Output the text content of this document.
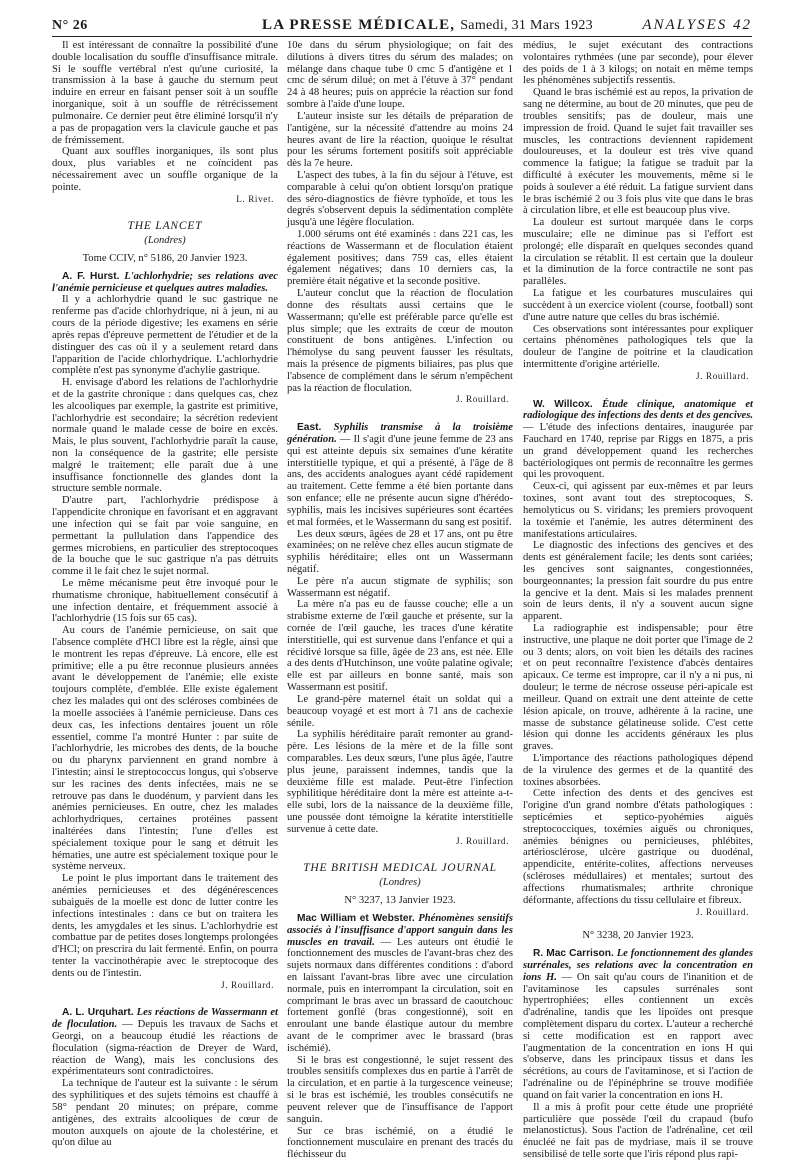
N° 26	LA PRESSE MÉDICALE, Samedi, 31 Mars 1923	ANALYSES 42

Il est intéressant de connaître la possibilité d'une double localisation du souffle d'insuffisance mitrale. Si le souffle vertébral n'est qu'une curiosité, la transmission à la base à gauche du sternum peut induire en erreur en faisant penser soit à un souffle inorganique, soit à un souffle de rétrécissement pulmonaire. Ce dernier peut être éliminé lorsqu'il n'y a pas de propagation vers la clavicule gauche et pas de frémissement.

Quant aux souffles inorganiques, ils sont plus doux, plus variables et ne coïncident pas nécessairement avec un souffle organique de la pointe.

L. Rivet.
THE LANCET
(Londres)
Tome CCIV, n° 5186, 20 Janvier 1923.

A. F. Hurst. L'achlorhydrie; ses relations avec l'anémie pernicieuse et quelques autres maladies.

Il y a achlorhydrie quand le suc gastrique ne renferme pas d'acide chlorhydrique, ni à jeun, ni au cours de la période digestive; les examens en série après repas d'épreuve permettent de l'étudier et de la distinguer des cas où il y a seulement retard dans l'apparition de l'acide chlorhydrique. L'achlorhydrie complète n'est pas synonyme d'achylie gastrique.

H. envisage d'abord les relations de l'achlorhydrie et de la gastrite chronique : dans quelques cas, chez les alcooliques par exemple, la gastrite est primitive, l'achlorhydrie est secondaire; la sécrétion redevient normale quand le malade cesse de boire en excès. Mais, le plus souvent, l'achlorhydrie paraît la cause, non la conséquence de la gastrite; elle persiste malgré le traitement; elle paraît due à une insuffisance fonctionnelle des glandes dont la structure semble normale.

D'autre part, l'achlorhydrie prédispose à l'appendicite chronique en favorisant et en aggravant une infection qui se fait par voie sanguine, en permettant la pullulation dans l'appendice des germes microbiens, en particulier des streptocoques de la bouche que le suc gastrique n'a pas détruits comme il le fait chez le sujet normal.

Le même mécanisme peut être invoqué pour le rhumatisme chronique, habituellement consécutif à une infection dentaire, et fréquemment associé à l'achlorhydrie (15 fois sur 65 cas).

Au cours de l'anémie pernicieuse, on sait que l'absence complète d'HCl libre est la règle, ainsi que le montrent les repas d'épreuve. Là encore, elle est primitive; elle a pu être reconnue plusieurs années avant le développement de l'anémie; elle existe toujours complète, d'emblée. Elle existe également chez les malades qui ont des scléroses combinées de la moelle associées à l'anémie pernicieuse. Dans ces deux cas, les infections dentaires jouent un rôle essentiel, comme l'a montré Hunter : par suite de l'achlorhydrie, les microbes des dents, de la bouche ou du pharynx parviennent en grand nombre à l'intestin; ainsi le streptococcus longus, qui s'observe sur les racines des dents infectées, mais ne se retrouve pas dans le duodénum, y parvient dans les anémies pernicieuses. En outre, chez les malades achlorhydriques, certaines protéines passent inaltérées dans l'intestin; l'une d'elles est spécialement toxique pour le sang et détruit les hématies, une autre est spécialement toxique pour le système nerveux.

Le point le plus important dans le traitement des anémies pernicieuses et des dégénérescences subaiguës de la moelle est donc de lutter contre les infections intestinales : dans ce but on traitera les dents, les amygdales et les sinus. L'achlorhydrie est combattue par de petites doses longtemps prolongées d'HCl; on prescrira du lait fermenté. Enfin, on pourra tenter la vaccinothérapie avec le streptocoque des dents ou de l'intestin.

J. Rouillard.

A. L. Urquhart. Les réactions de Wassermann et de floculation. — Depuis les travaux de Sachs et Georgi, on a beaucoup étudié les réactions de floculation (sigma-réaction de Dreyer de Ward, réaction de Wang), mais les conclusions des expérimentateurs sont contradictoires.

La technique de l'auteur est la suivante : le sérum des syphilitiques et des sujets témoins est chauffé à 58° pendant 20 minutes; on prépare, comme antigènes, des extraits alcooliques de cœur de mouton auxquels on ajoute de la cholestérine, et qu'on dilue au

10e dans du sérum physiologique; on fait des dilutions à divers titres du sérum des malades; on mélange dans chaque tube 0 cmc 5 d'antigène et 1 cmc de sérum dilué; on met à l'étuve à 37° pendant 24 à 48 heures; puis on apprécie la réaction sur fond sombre à l'aide d'une loupe.

L'auteur insiste sur les détails de préparation de l'antigène, sur la nécessité d'attendre au moins 24 heures avant de lire la réaction, quoique le résultat pour les sérums fortement positifs soit appréciable dès la 7e heure.

L'aspect des tubes, à la fin du séjour à l'étuve, est comparable à celui qu'on obtient lorsqu'on pratique des séro-diagnostics de fièvre typhoïde, et tous les degrés s'observent depuis la sédimentation complète jusqu'à une légère floculation.

1.000 sérums ont été examinés : dans 221 cas, les réactions de Wassermann et de floculation étaient également positives; dans 759 cas, elles étaient également négatives; dans 10 derniers cas, la première était négative et la seconde positive.

L'auteur conclut que la réaction de floculation donne des résultats aussi certains que le Wassermann; qu'elle est préférable parce qu'elle est plus simple; que les extraits de cœur de mouton constituent de bons antigènes. L'infection ou l'hémolyse du sang peuvent fausser les résultats, mais la présence de pigments biliaires, pas plus que l'absence de complément dans le sérum n'empêchent pas la réaction de floculation.

J. Rouillard.

East. Syphilis transmise à la troisième génération. — Il s'agit d'une jeune femme de 23 ans qui est atteinte depuis six semaines d'une kératite interstitielle typique, et qui a présenté, à l'âge de 8 ans, des accidents analogues ayant cédé rapidement au traitement. Cette femme a été bien portante dans son enfance; elle ne présente aucun signe d'hérédo-syphilis, mais les incisives supérieures sont écartées et mal formées, et le Wassermann du sang est positif.

Les deux sœurs, âgées de 28 et 17 ans, ont pu être examinées; on ne relève chez elles aucun stigmate de syphilis héréditaire; elles ont un Wassermann négatif.

Le père n'a aucun stigmate de syphilis; son Wassermann est négatif.

La mère n'a pas eu de fausse couche; elle a un strabisme externe de l'œil gauche et présente, sur la cornée de l'œil gauche, les traces d'une kératite interstitielle, qui est survenue dans l'enfance et qui a récidivé lorsque sa fille, âgée de 23 ans, est née. Elle a des dents d'Hutchinson, une voûte palatine ogivale; elle est par ailleurs en bonne santé, mais son Wassermann est positif.

Le grand-père maternel était un soldat qui a beaucoup voyagé et est mort à 71 ans de cachexie sénile.

La syphilis héréditaire paraît remonter au grand-père. Les lésions de la mère et de la fille sont comparables. Les deux sœurs, l'une plus âgée, l'autre plus jeune, paraissent indemnes, tandis que la deuxième fille est malade. Peut-être l'infection syphilitique héréditaire dont la mère est atteinte a-t-elle subi, lors de la naissance de la deuxième fille, une poussée dont témoigne la kératite interstitielle survenue à cette date.

J. Rouillard.
THE BRITISH MEDICAL JOURNAL
(Londres)
N° 3237, 13 Janvier 1923.

Mac William et Webster. Phénomènes sensitifs associés à l'insuffisance d'apport sanguin dans les muscles en travail. — Les auteurs ont étudié le fonctionnement des muscles de l'avant-bras chez des sujets normaux dans différentes conditions : d'abord en laissant l'avant-bras libre avec une circulation normale, puis en interrompant la circulation, soit en comprimant le bras avec un brassard de caoutchouc fortement gonflé (bras congestionné), soit en enroulant une bande élastique autour du membre avant de le comprimer avec le brassard (bras ischémié).

Si le bras est congestionné, le sujet ressent des troubles sensitifs complexes dus en partie à l'arrêt de la circulation, et en partie à la turgescence veineuse; si le bras est ischémié, les troubles consécutifs ne peuvent relever que de l'insuffisance de l'apport sanguin.

Sur ce bras ischémié, on a étudié le fonctionnement musculaire en prenant des tracés du fléchisseur du

médius, le sujet exécutant des contractions volontaires rythmées (une par seconde), pour élever des poids de 1 à 3 kilogs; on notait en même temps les phénomènes subjectifs ressentis.

Quand le bras ischémié est au repos, la privation de sang ne détermine, au bout de 20 minutes, que peu de troubles sensitifs; pas de douleur, mais une impression de froid. Quand le sujet fait travailler ses muscles, les contractions deviennent rapidement douloureuses, et la douleur est très vive quand commence la fatigue; la fatigue se traduit par la difficulté à exécuter les mouvements, même si le poids à soulever a été réduit. La fatigue survient dans le bras ischémié 2 ou 3 fois plus vite que dans le bras à circulation libre, et elle est beaucoup plus vive.

La douleur est surtout marquée dans le corps musculaire; elle ne diminue pas si l'effort est prolongé; elle disparaît en quelques secondes quand la circulation se rétablit. Il est certain que la douleur et la diminution de la force contractile ne sont pas parallèles.

La fatigue et les courbatures musculaires qui succèdent à un exercice violent (course, football) sont d'une autre nature que celles du bras ischémié.

Ces observations sont intéressantes pour expliquer certains phénomènes pathologiques tels que la douleur de l'angine de poitrine et la claudication intermittente d'origine artérielle.

J. Rouillard.

W. Willcox. Étude clinique, anatomique et radiologique des infections des dents et des gencives. — L'étude des infections dentaires, inaugurée par Fauchard en 1740, reprise par Riggs en 1875, a pris un grand développement quand les recherches bactériologiques ont permis de reconnaître les germes qui les provoquent.

Ceux-ci, qui agissent par eux-mêmes et par leurs toxines, sont avant tout des streptocoques, S. hemolyticus ou S. viridans; les premiers provoquent la toxémie et l'anémie, les autres déterminent des manifestations articulaires.

Le diagnostic des infections des gencives et des dents est généralement facile; les dents sont cariées; les gencives sont saignantes, congestionnées, bourgeonnantes; la pression fait sourdre du pus entre la gencive et la dent. Mais si les malades prennent soin de leurs dents, il n'y a souvent aucun signe apparent.

La radiographie est indispensable; pour être instructive, une plaque ne doit porter que l'image de 2 ou 3 dents; alors, on voit bien les détails des racines et on peut reconnaître l'existence d'abcès dentaires apicaux. Ce terme est impropre, car il n'y a ni pus, ni douleur; le terme de nécrose osseuse péri-apicale est meilleur. Quand on extrait une dent atteinte de cette lésion apicale, on trouve, adhérente à la racine, une masse de substance gélatineuse solide. C'est cette lésion qui donne les accidents généraux les plus graves.

L'importance des réactions pathologiques dépend de la virulence des germes et de la quantité des toxines absorbées.

Cette infection des dents et des gencives est l'origine d'un grand nombre d'états pathologiques : septicémies et septico-pyohémies aiguës streptococciques, toxémies aiguës ou chroniques, anémies bénignes ou pernicieuses, phlébites, artériosclérose, ulcère gastrique ou duodénal, appendicite, entérite-colites, affections nerveuses (scléroses médullaires) et mentales; surtout des affections rhumatismales; arthrite chronique déformante, affections du tissu cellulaire et fibreux.

J. Rouillard.
N° 3238, 20 Janvier 1923.

R. Mac Carrison. Le fonctionnement des glandes surrénales, ses relations avec la concentration en ions H. — On sait qu'au cours de l'inanition et de l'avitaminose les capsules surrénales sont hypertrophiées; elles contiennent un excès d'adrénaline, tandis que les lipoïdes ont presque complètement disparu du cortex. L'auteur a recherché si cette modification est en rapport avec l'augmentation de la concentration en ions H qui s'observe, dans les principaux tissus et dans les sécrétions, au cours de l'avitaminose, et si l'action de l'adrénaline ou de l'épinéphrine se trouve modifiée quand on fait varier la concentration en ions H.

Il a mis à profit pour cette étude une propriété particulière que possède l'œil du crapaud (bufo melanostictus). Sous l'action de l'adrénaline, cet œil énucléé ne fait pas de mydriase, mais il se trouve sensibilisé de telle sorte que l'iris répond plus rapi-
